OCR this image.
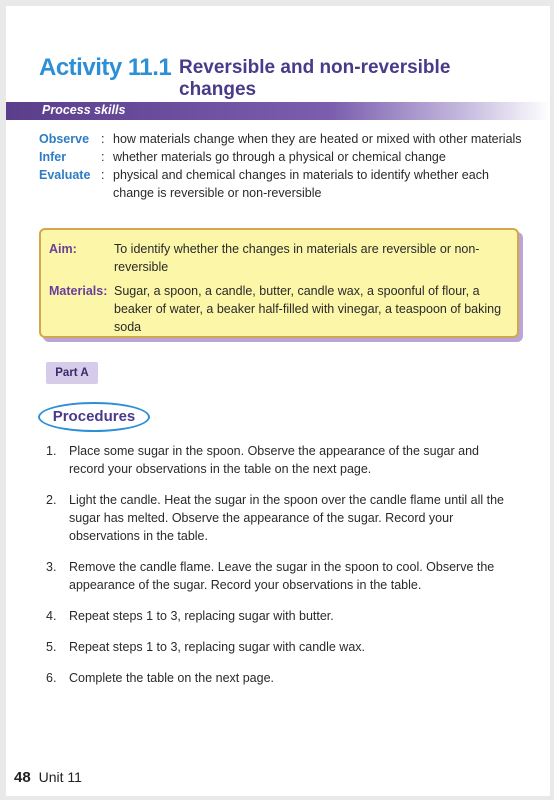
Activity 11.1 Reversible and non-reversible changes
Process skills
Observe : how materials change when they are heated or mixed with other materials
Infer	: whether materials go through a physical or chemical change
Evaluate : physical and chemical changes in materials to identify whether each change is reversible or non-reversible
Aim:	To identify whether the changes in materials are reversible or non-reversible
Materials: Sugar, a spoon, a candle, butter, candle wax, a spoonful of flour, a beaker of water, a beaker half-filled with vinegar, a teaspoon of baking soda
Part A
Procedures
1.	Place some sugar in the spoon. Observe the appearance of the sugar and record your observations in the table on the next page.
2.	Light the candle. Heat the sugar in the spoon over the candle flame until all the sugar has melted. Observe the appearance of the sugar. Record your observations in the table.
3.	Remove the candle flame. Leave the sugar in the spoon to cool. Observe the appearance of the sugar. Record your observations in the table.
4.	Repeat steps 1 to 3, replacing sugar with butter.
5.	Repeat steps 1 to 3, replacing sugar with candle wax.
6.	Complete the table on the next page.
48 Unit 11
